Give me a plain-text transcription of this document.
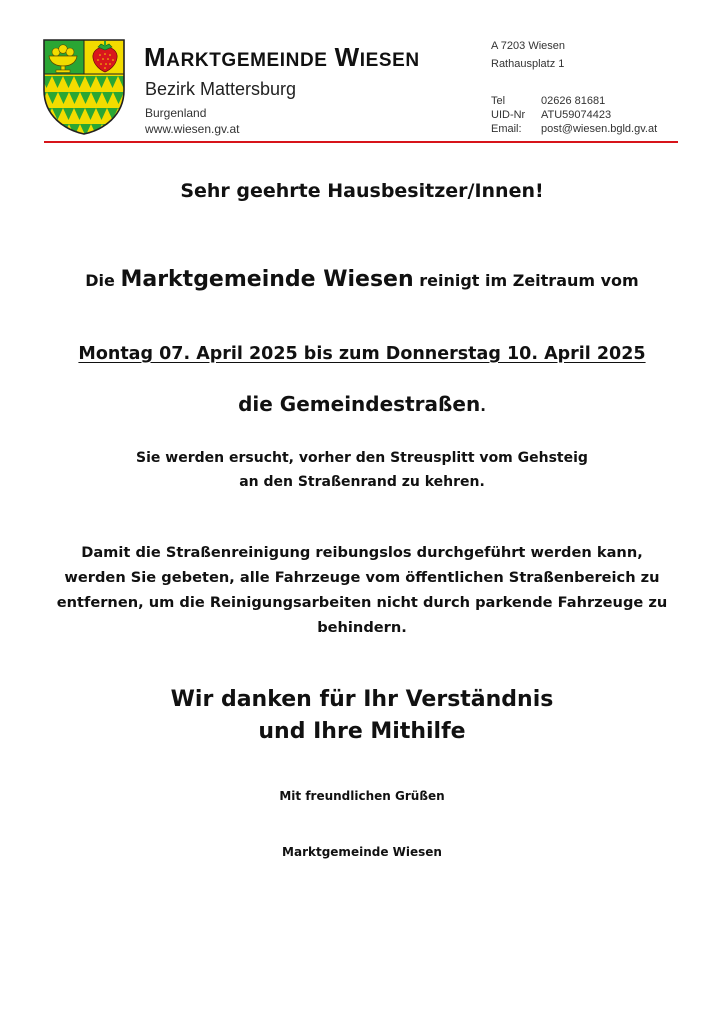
MARKTGEMEINDE WIESEN
Bezirk Mattersburg
Burgenland
www.wiesen.gv.at
A 7203 Wiesen
Rathausplatz 1
Tel	02626 81681
UID-Nr	ATU59074423
Email:	post@wiesen.bgld.gv.at
Sehr geehrte Hausbesitzer/Innen!
Die Marktgemeinde Wiesen reinigt im Zeitraum vom
Montag 07. April 2025 bis zum Donnerstag 10. April 2025
die Gemeindestraßen.
Sie werden ersucht, vorher den Streusplitt vom Gehsteig
an den Straßenrand zu kehren.
Damit die Straßenreinigung reibungslos durchgeführt werden kann,
werden Sie gebeten, alle Fahrzeuge vom öffentlichen Straßenbereich zu
entfernen, um die Reinigungsarbeiten nicht durch parkende Fahrzeuge zu
behindern.
Wir danken für Ihr Verständnis
und Ihre Mithilfe
Mit freundlichen Grüßen
Marktgemeinde Wiesen
